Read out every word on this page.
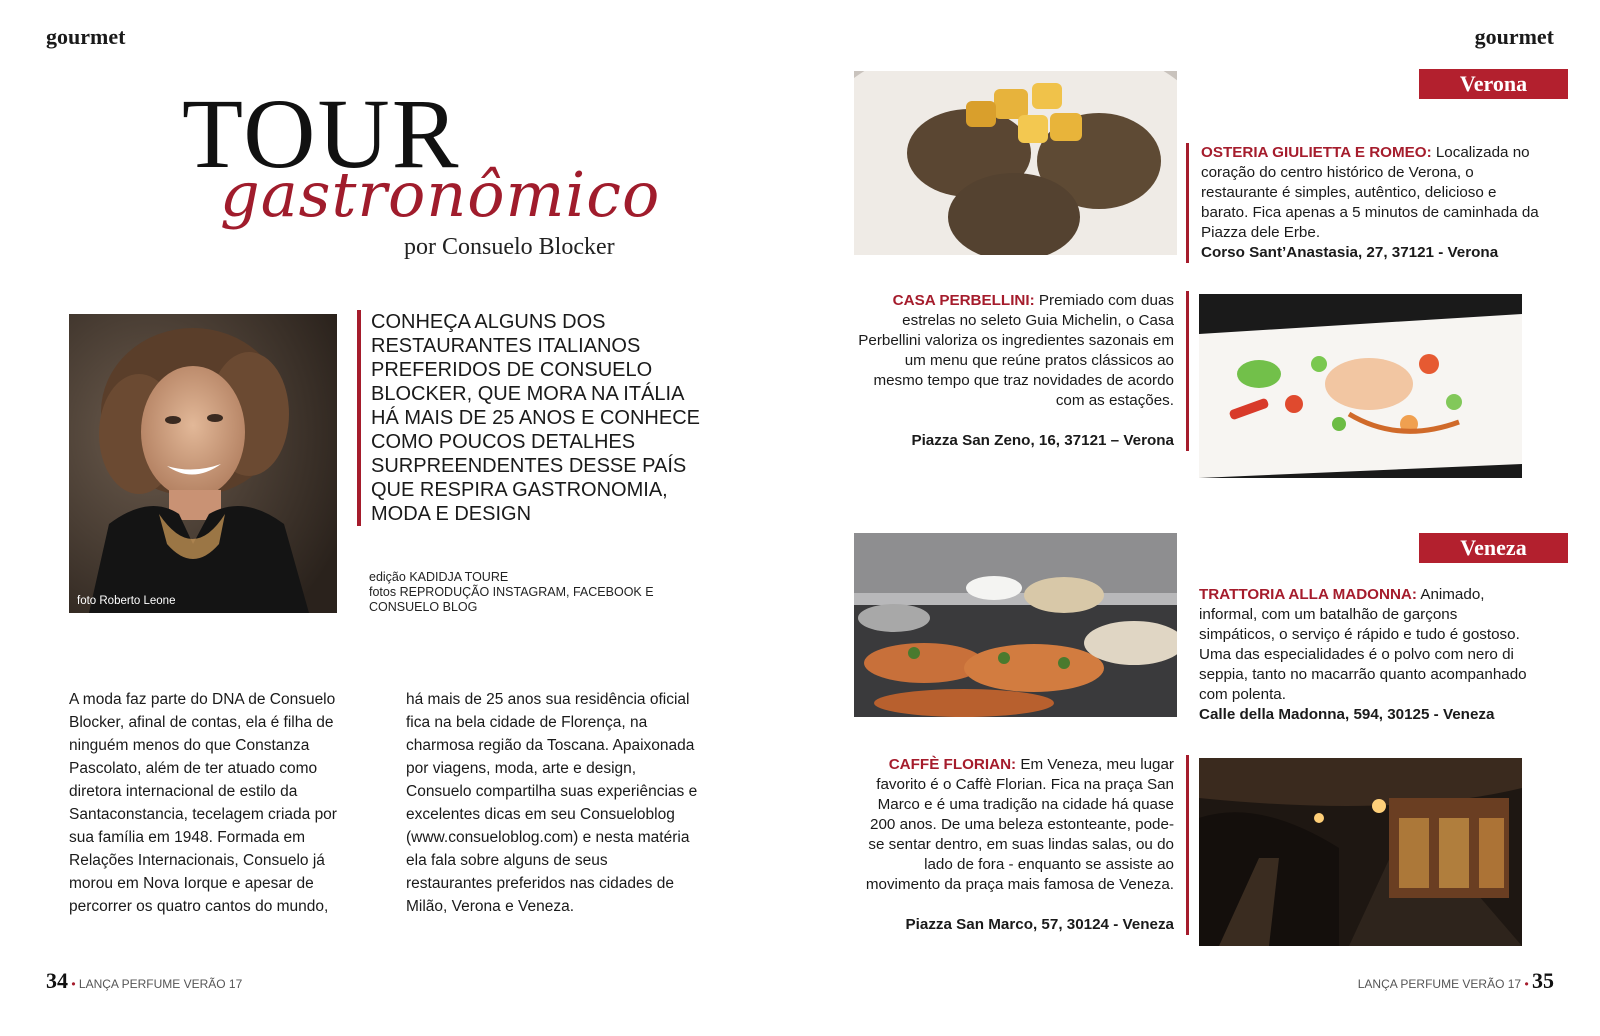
gourmet
TOUR
gastronômico
por Consuelo Blocker
foto Roberto Leone
CONHEÇA ALGUNS DOS RESTAURANTES ITALIANOS PREFERIDOS DE CONSUELO BLOCKER, QUE MORA NA ITÁLIA HÁ MAIS DE 25 ANOS E CONHECE COMO POUCOS DETALHES SURPREENDENTES DESSE PAÍS QUE RESPIRA GASTRONOMIA, MODA E DESIGN
edição KADIDJA TOURE
fotos REPRODUÇÃO INSTAGRAM, FACEBOOK E CONSUELO BLOG
A moda faz parte do DNA de Consuelo Blocker, afinal de contas, ela é filha de ninguém menos do que Constanza Pascolato, além de ter atuado como diretora internacional de estilo da Santaconstancia, tecelagem criada por sua família em 1948. Formada em Relações Internacionais, Consuelo já morou em Nova Iorque e apesar de percorrer os quatro cantos do mundo,
há mais de 25 anos sua residência oficial fica na bela cidade de Florença, na charmosa região da Toscana. Apaixonada por viagens, moda, arte e design, Consuelo compartilha suas experiências e excelentes dicas em seu Consueloblog (www.consueloblog.com) e nesta matéria ela fala sobre alguns de seus restaurantes preferidos nas cidades de Milão, Verona e Veneza.
34 • LANÇA PERFUME VERÃO 17
gourmet
Verona
OSTERIA GIULIETTA E ROMEO: Localizada no coração do centro histórico de Verona, o restaurante é simples, autêntico, delicioso e barato. Fica apenas a 5 minutos de caminhada da Piazza dele Erbe.
Corso Sant’Anastasia, 27, 37121 - Verona
CASA PERBELLINI: Premiado com duas estrelas no seleto Guia Michelin, o Casa Perbellini valoriza os ingredientes sazonais em um menu que reúne pratos clássicos ao mesmo tempo que traz novidades de acordo com as estações.
Piazza San Zeno, 16, 37121 – Verona
Veneza
TRATTORIA ALLA MADONNA: Animado, informal, com um batalhão de garçons simpáticos, o serviço é rápido e tudo é gostoso. Uma das especialidades é o polvo com nero di seppia, tanto no macarrão quanto acompanhado com polenta.
Calle della Madonna, 594, 30125 - Veneza
CAFFÈ FLORIAN: Em Veneza, meu lugar favorito é o Caffè Florian. Fica na praça San Marco e é uma tradição na cidade há quase 200 anos. De uma beleza estonteante, pode-se sentar dentro, em suas lindas salas, ou do lado de fora - enquanto se assiste ao movimento da praça mais famosa de Veneza.
Piazza San Marco, 57, 30124 - Veneza
LANÇA PERFUME VERÃO 17 • 35
